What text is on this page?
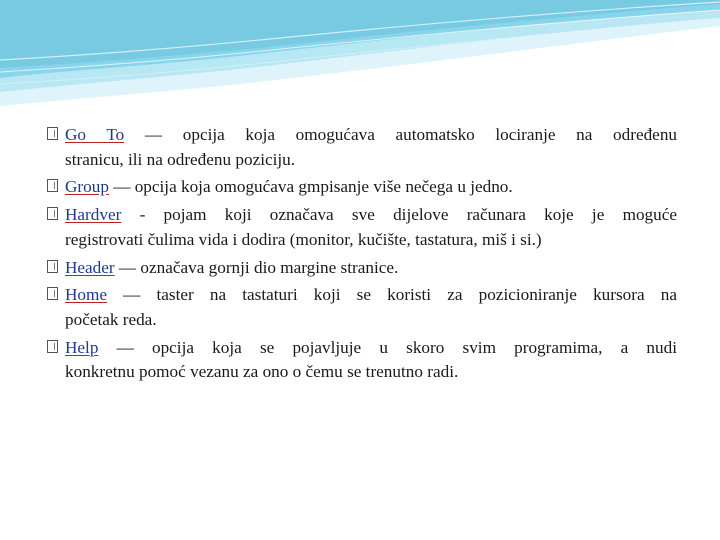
Go To — opcija koja omogućava automatsko lociranje na određenu
stranicu, ili na određenu poziciju.
Group — opcija koja omogućava gmpisanje više nečega u jedno.
Hardver - pojam koji označava sve dijelove računara koje je moguće
registrovati čulima vida i dodira (monitor, kučište, tastatura, miš i si.)
Header — označava gornji dio margine stranice.
Home — taster na tastaturi koji se koristi za pozicioniranje kursora na
početak reda.
Help — opcija koja se pojavljuje u skoro svim programima, a nudi
konkretnu pomoć vezanu za ono o čemu se trenutno radi.
